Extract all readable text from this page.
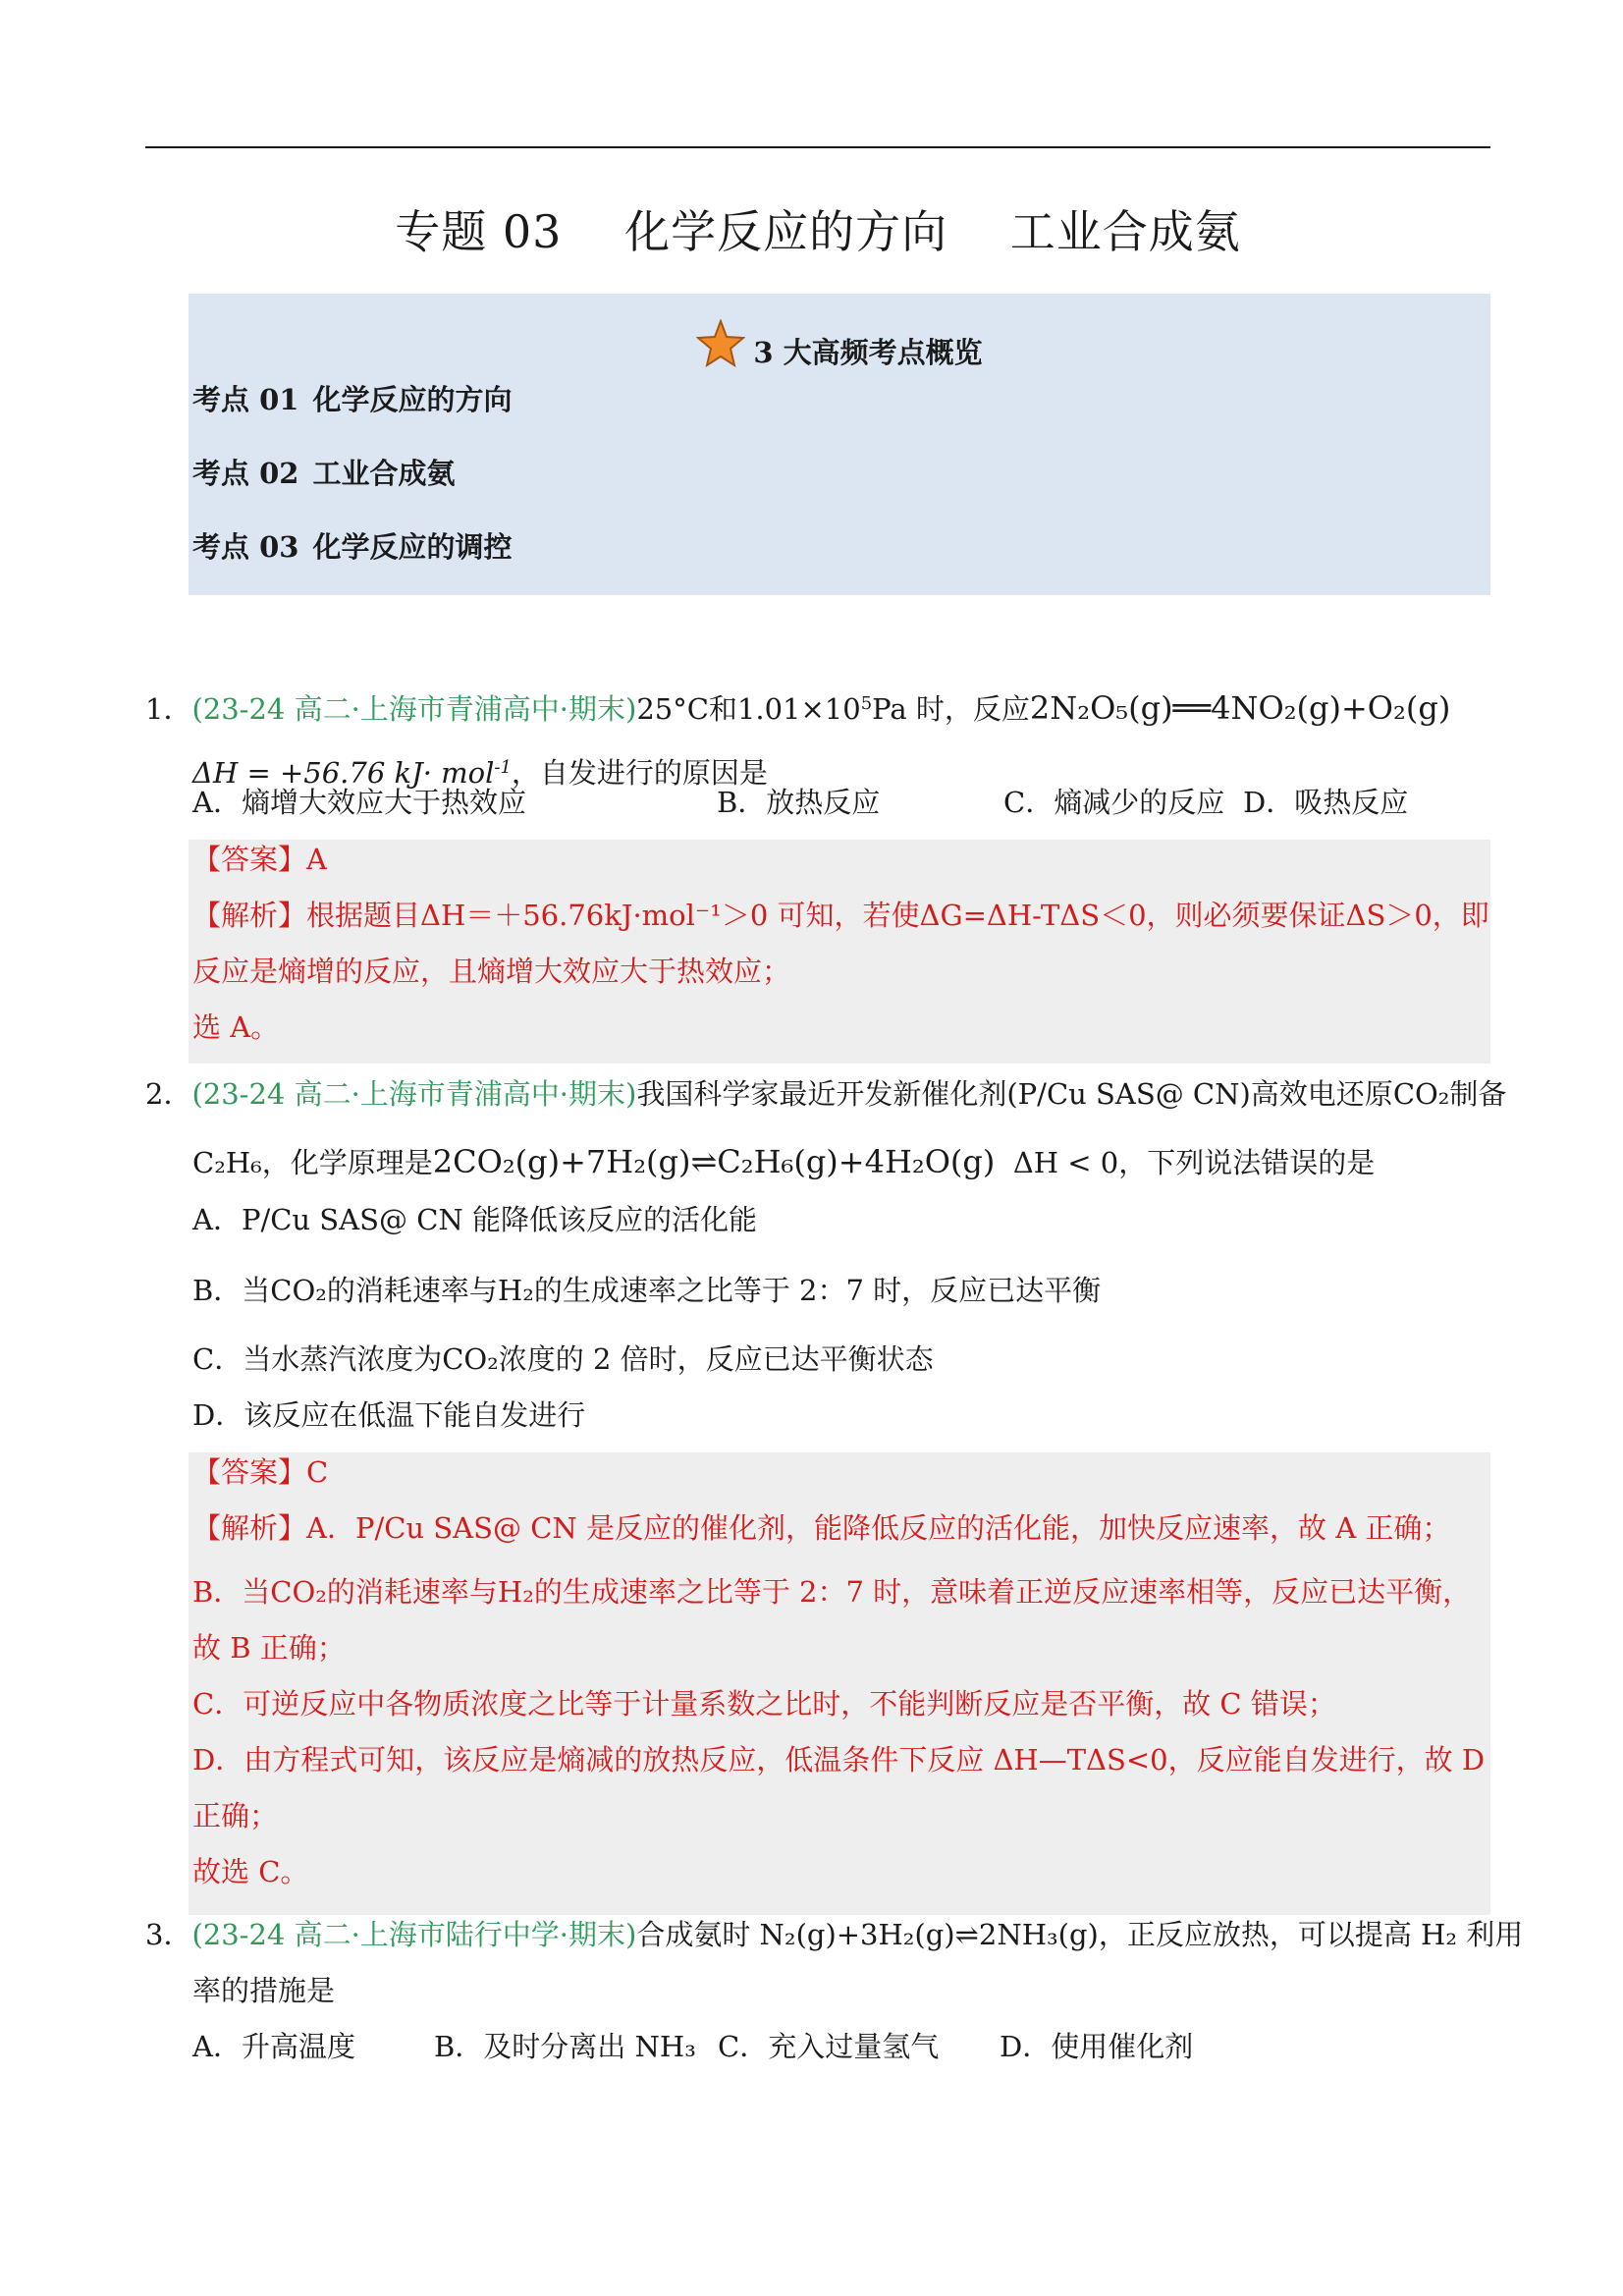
专题 03 化学反应的方向 工业合成氨
3 大高频考点概览
考点 01 化学反应的方向
考点 02 工业合成氨
考点 03 化学反应的调控
1．(23-24 高二·上海市青浦高中·期末)25°C和$1.01\times 10^5Pa$ 时，反应2N₂O₅(g)══4NO₂(g)+O₂(g)
ΔH = +56.76 kJ· mol$^{-1}$，自发进行的原因是
A．熵增大效应大于热效应	B．放热反应	C．熵减少的反应 D．吸热反应
【答案】A
【解析】根据题目ΔH＝＋56.76kJ·mol⁻¹＞0 可知，若使ΔG=ΔH-TΔS＜0，则必须要保证ΔS＞0，即
反应是熵增的反应，且熵增大效应大于热效应；
选 A。
2．(23-24 高二·上海市青浦高中·期末)我国科学家最近开发新催化剂(P/Cu SAS@ CN)高效电还原CO₂制备
C₂H₆，化学原理是2CO₂(g)+7H₂(g)⇌C₂H₆(g)+4H₂O(g) ΔH < 0，下列说法错误的是
A．P/Cu SAS@ CN 能降低该反应的活化能
B．当CO₂的消耗速率与H₂的生成速率之比等于 2：7 时，反应已达平衡
C．当水蒸汽浓度为CO₂浓度的 2 倍时，反应已达平衡状态
D．该反应在低温下能自发进行
【答案】C
【解析】A．P/Cu SAS@ CN 是反应的催化剂，能降低反应的活化能，加快反应速率，故 A 正确；
B．当CO₂的消耗速率与H₂的生成速率之比等于 2：7 时，意味着正逆反应速率相等，反应已达平衡，
故 B 正确；
C．可逆反应中各物质浓度之比等于计量系数之比时，不能判断反应是否平衡，故 C 错误；
D．由方程式可知，该反应是熵减的放热反应，低温条件下反应 ΔH—TΔS<0，反应能自发进行，故 D
正确；
故选 C。
3．(23-24 高二·上海市陆行中学·期末)合成氨时 N₂(g)+3H₂(g)⇌2NH₃(g)，正反应放热，可以提高 H₂ 利用
率的措施是
A．升高温度	B．及时分离出 NH₃ C．充入过量氢气 D．使用催化剂
